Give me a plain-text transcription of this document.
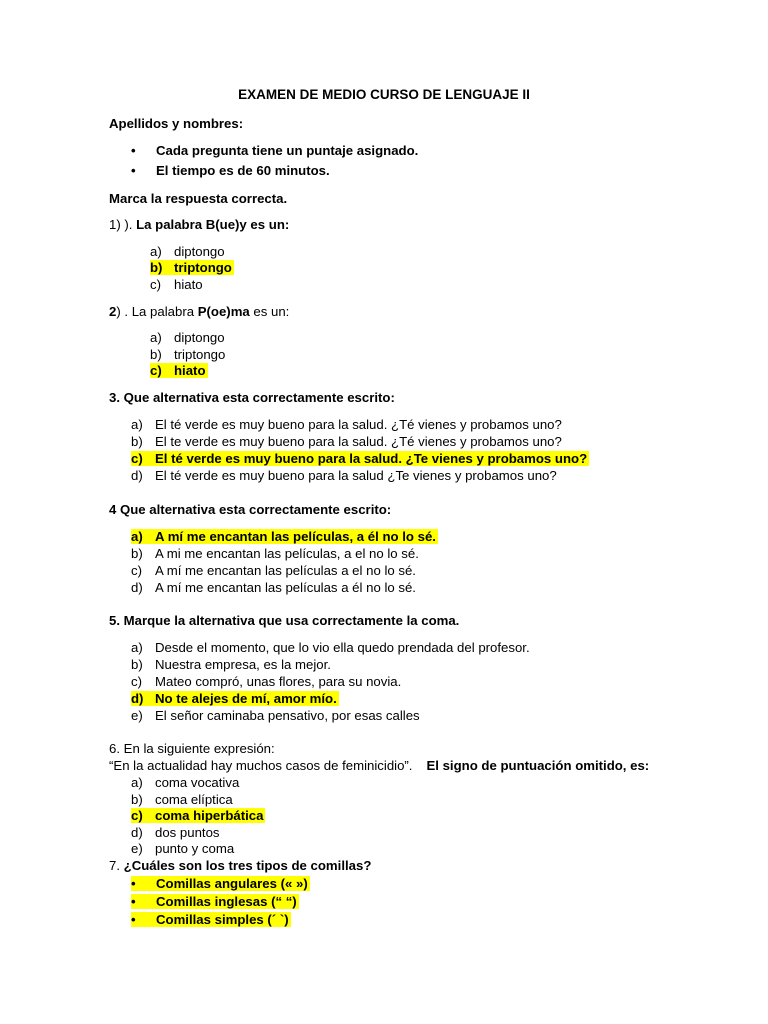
EXAMEN DE MEDIO CURSO DE LENGUAJE II
Apellidos y nombres:
• Cada pregunta tiene un puntaje asignado.
• El tiempo es de 60 minutos.
Marca la respuesta correcta.
1) ). La palabra B(ue)y es un:
a) diptongo
b) triptongo
c) hiato
2) . La palabra P(oe)ma es un:
a) diptongo
b) triptongo
c) hiato
3. Que alternativa esta correctamente escrito:
a) El té verde es muy bueno para la salud. ¿Té vienes y probamos uno?
b) El te verde es muy bueno para la salud. ¿Té vienes y probamos uno?
c) El té verde es muy bueno para la salud. ¿Te vienes y probamos uno?
d) El té verde es muy bueno para la salud ¿Te vienes y probamos uno?
4 Que alternativa esta correctamente escrito:
a) A mí me encantan las películas, a él no lo sé.
b) A mi me encantan las películas, a el no lo sé.
c) A mí me encantan las películas a el no lo sé.
d) A mí me encantan las películas a él no lo sé.
5. Marque la alternativa que usa correctamente la coma.
a) Desde el momento, que lo vio ella quedo prendada del profesor.
b) Nuestra empresa, es la mejor.
c) Mateo compró, unas flores, para su novia.
d) No te alejes de mí, amor mío.
e) El señor caminaba pensativo, por esas calles
6. En la siguiente expresión:
“En la actualidad hay muchos casos de feminicidio”. El signo de puntuación omitido, es:
a) coma vocativa
b) coma elíptica
c) coma hiperbática
d) dos puntos
e) punto y coma
7. ¿Cuáles son los tres tipos de comillas?
• Comillas angulares (« »)
• Comillas inglesas (“ “)
• Comillas simples (´ `)
